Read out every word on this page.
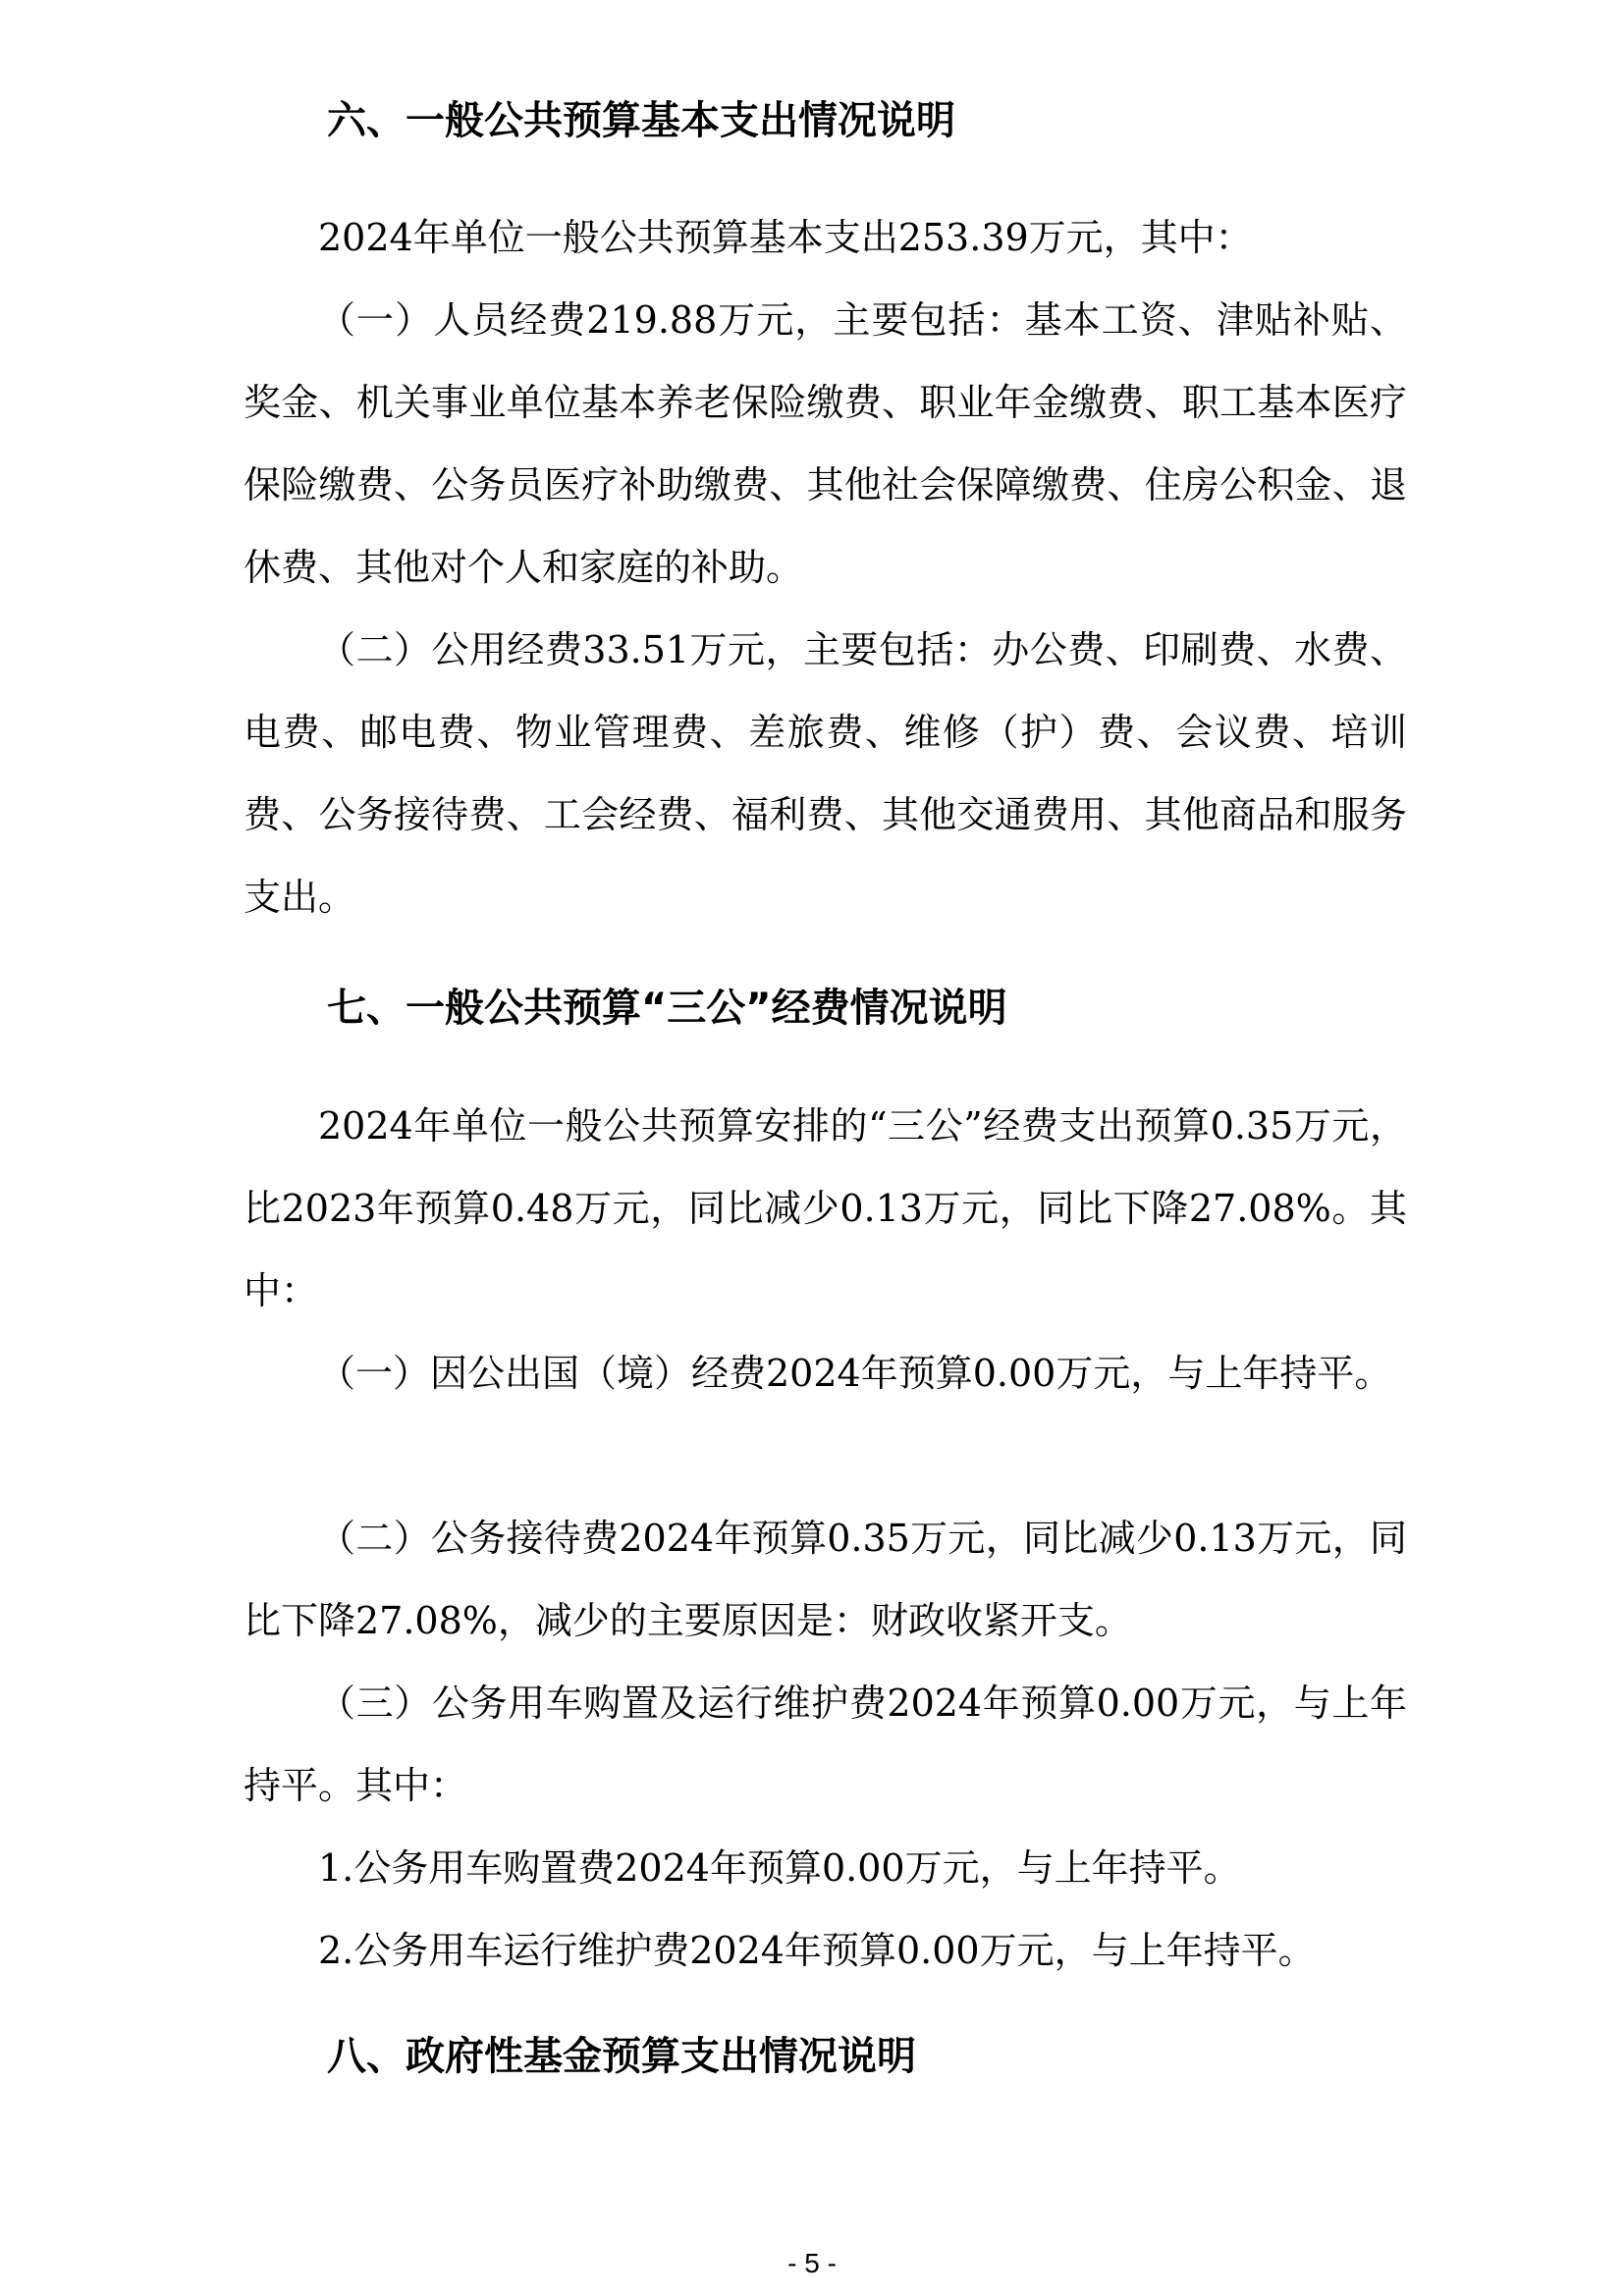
六、一般公共预算基本支出情况说明

2024年单位一般公共预算基本支出253.39万元，其中：

（一）人员经费219.88万元，主要包括：基本工资、津贴补贴、奖金、机关事业单位基本养老保险缴费、职业年金缴费、职工基本医疗保险缴费、公务员医疗补助缴费、其他社会保障缴费、住房公积金、退休费、其他对个人和家庭的补助。

（二）公用经费33.51万元，主要包括：办公费、印刷费、水费、电费、邮电费、物业管理费、差旅费、维修（护）费、会议费、培训费、公务接待费、工会经费、福利费、其他交通费用、其他商品和服务支出。

七、一般公共预算“三公”经费情况说明

2024年单位一般公共预算安排的“三公”经费支出预算0.35万元，比2023年预算0.48万元，同比减少0.13万元，同比下降27.08%。其中：

（一）因公出国（境）经费2024年预算0.00万元，与上年持平。

（二）公务接待费2024年预算0.35万元，同比减少0.13万元，同比下降27.08%，减少的主要原因是：财政收紧开支。

（三）公务用车购置及运行维护费2024年预算0.00万元，与上年持平。其中：

1.公务用车购置费2024年预算0.00万元，与上年持平。

2.公务用车运行维护费2024年预算0.00万元，与上年持平。

八、政府性基金预算支出情况说明
- 5 -
